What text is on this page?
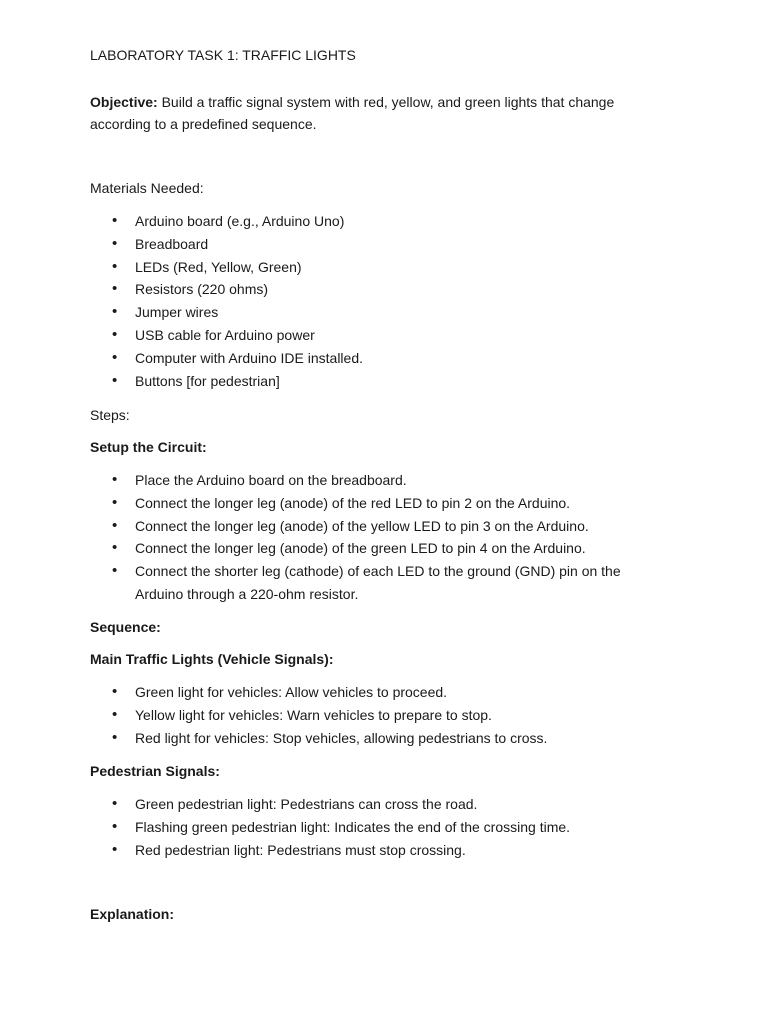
LABORATORY TASK 1: TRAFFIC LIGHTS

Objective: Build a traffic signal system with red, yellow, and green lights that change according to a predefined sequence.

Materials Needed:

• Arduino board (e.g., Arduino Uno)
• Breadboard
• LEDs (Red, Yellow, Green)
• Resistors (220 ohms)
• Jumper wires
• USB cable for Arduino power
• Computer with Arduino IDE installed.
• Buttons [for pedestrian]

Steps:

Setup the Circuit:

• Place the Arduino board on the breadboard.
• Connect the longer leg (anode) of the red LED to pin 2 on the Arduino.
• Connect the longer leg (anode) of the yellow LED to pin 3 on the Arduino.
• Connect the longer leg (anode) of the green LED to pin 4 on the Arduino.
• Connect the shorter leg (cathode) of each LED to the ground (GND) pin on the Arduino through a 220-ohm resistor.

Sequence:

Main Traffic Lights (Vehicle Signals):

• Green light for vehicles: Allow vehicles to proceed.
• Yellow light for vehicles: Warn vehicles to prepare to stop.
• Red light for vehicles: Stop vehicles, allowing pedestrians to cross.

Pedestrian Signals:

• Green pedestrian light: Pedestrians can cross the road.
• Flashing green pedestrian light: Indicates the end of the crossing time.
• Red pedestrian light: Pedestrians must stop crossing.

Explanation:
